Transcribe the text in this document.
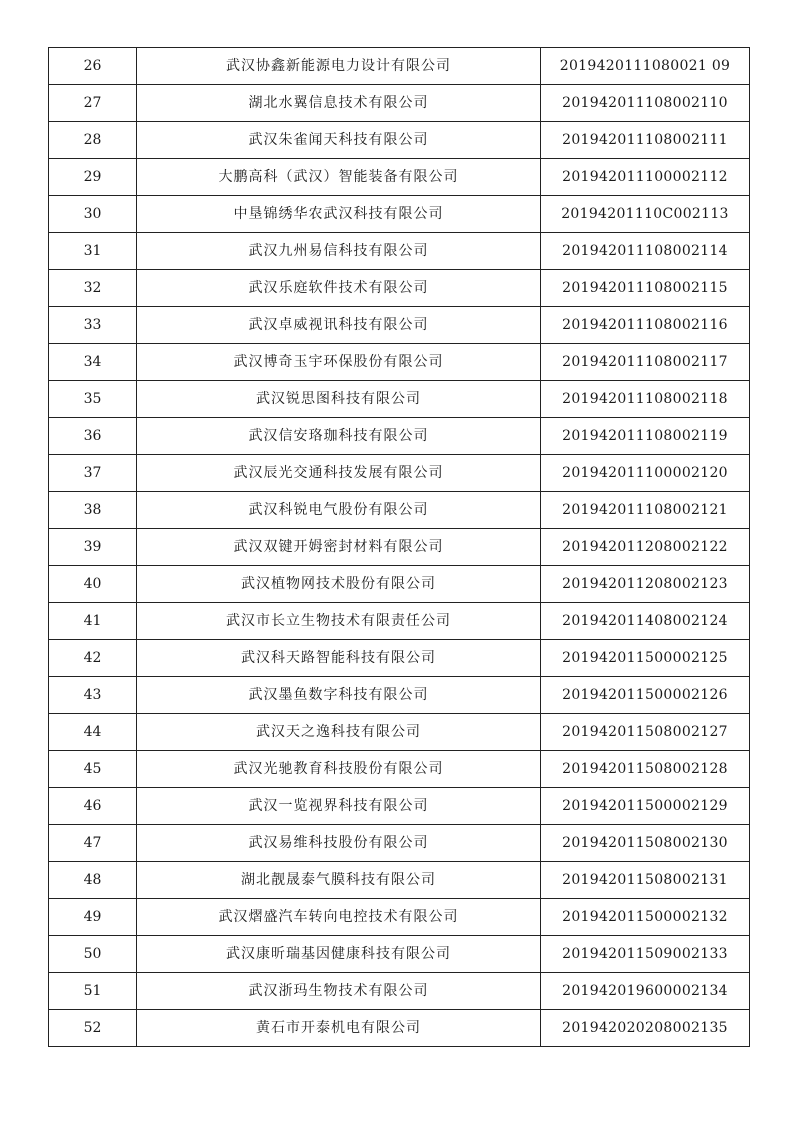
26	武汉协鑫新能源电力设计有限公司	2019420111080021 09
27	湖北水翼信息技术有限公司	201942011108002110
28	武汉朱雀闻天科技有限公司	201942011108002111
29	大鹏高科（武汉）智能装备有限公司	201942011100002112
30	中垦锦绣华农武汉科技有限公司	20194201110C002113
31	武汉九州易信科技有限公司	201942011108002114
32	武汉乐庭软件技术有限公司	201942011108002115
33	武汉卓威视讯科技有限公司	201942011108002116
34	武汉博奇玉宇环保股份有限公司	201942011108002117
35	武汉锐思图科技有限公司	201942011108002118
36	武汉信安珞珈科技有限公司	201942011108002119
37	武汉辰光交通科技发展有限公司	201942011100002120
38	武汉科锐电气股份有限公司	201942011108002121
39	武汉双键开姆密封材料有限公司	201942011208002122
40	武汉植物网技术股份有限公司	201942011208002123
41	武汉市长立生物技术有限责任公司	201942011408002124
42	武汉科天路智能科技有限公司	201942011500002125
43	武汉墨鱼数字科技有限公司	201942011500002126
44	武汉天之逸科技有限公司	201942011508002127
45	武汉光驰教育科技股份有限公司	201942011508002128
46	武汉一览视界科技有限公司	201942011500002129
47	武汉易维科技股份有限公司	201942011508002130
48	湖北靓晟泰气膜科技有限公司	201942011508002131
49	武汉熠盛汽车转向电控技术有限公司	201942011500002132
50	武汉康昕瑞基因健康科技有限公司	201942011509002133
51	武汉浙玛生物技术有限公司	201942019600002134
52	黄石市开泰机电有限公司	201942020208002135
